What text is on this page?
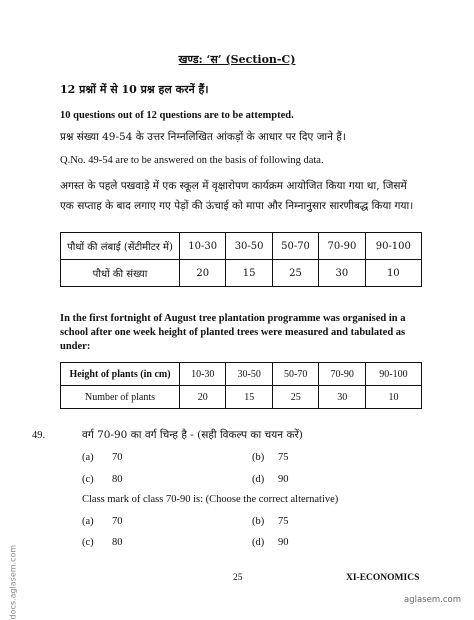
खण्ड: ‘स’ (Section-C)
12 प्रश्नों में से 10 प्रश्न हल करनें हैं।
10 questions out of 12 questions are to be attempted.
प्रश्न संख्या 49-54 के उत्तर निम्नलिखित आंकड़ों के आधार पर दिए जाने हैं।
Q.No. 49-54 are to be answered on the basis of following data.
अगस्त के पहले पखवाड़े में एक स्कूल में वृक्षारोपण कार्यक्रम आयोजित किया गया था, जिसमें एक सप्ताह के बाद लगाए गए पेड़ों की ऊंचाई को मापा और निम्नानुसार सारणीबद्ध किया गया।
पौधों की लंबाई (सेंटीमीटर में)	10-30	30-50	50-70	70-90	90-100
पौधों की संख्या	20	15	25	30	10
In the first fortnight of August tree plantation programme was organised in a school after one week height of planted trees were measured and tabulated as under:
Height of plants (in cm)	10-30	30-50	50-70	70-90	90-100
Number of plants	20	15	25	30	10
49.	वर्ग 70-90 का वर्ग चिन्ह है - (सही विकल्प का चयन करें)
(a) 70	(b) 75
(c) 80	(d) 90
Class mark of class 70-90 is: (Choose the correct alternative)
(a) 70	(b) 75
(c) 80	(d) 90
25	XI-ECONOMICS
docs.aglasem.com	aglasem.com
